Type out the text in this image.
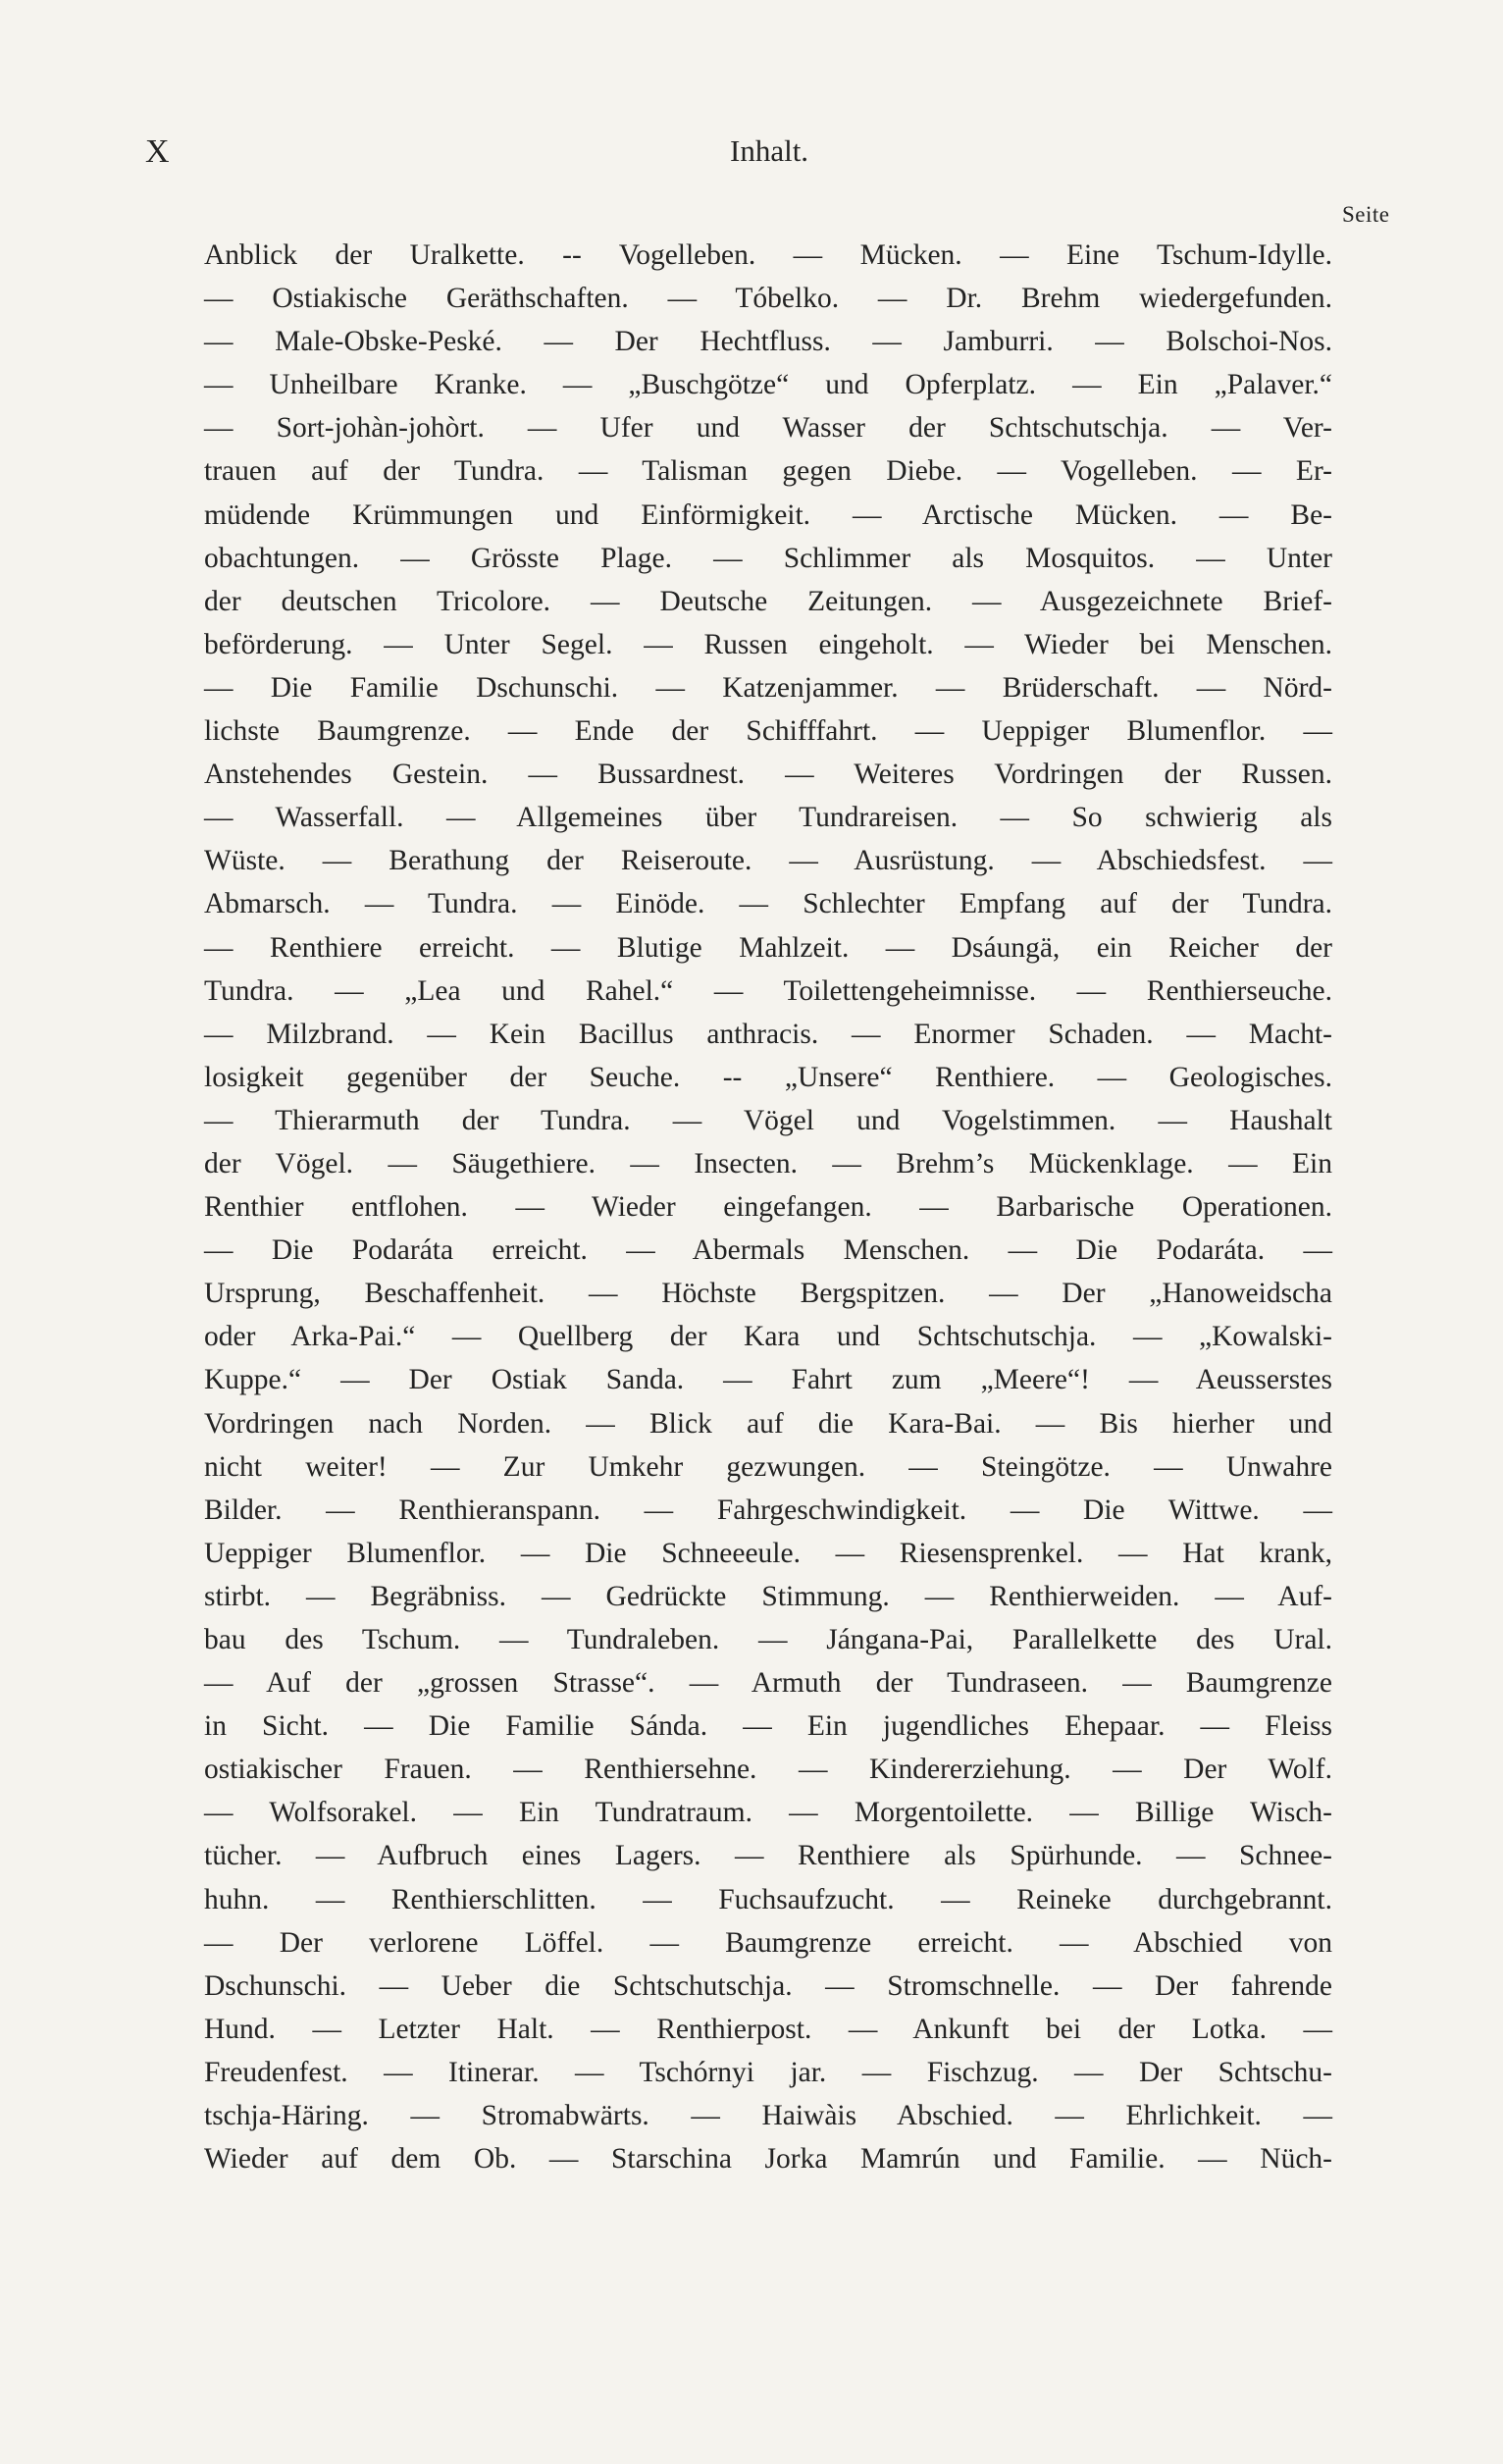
X	Inhalt.
Seite
Anblick der Uralkette. -- Vogelleben. — Mücken. — Eine Tschum-Idylle.
— Ostiakische Geräthschaften. — Tóbelko. — Dr. Brehm wiedergefunden.
— Male-Obske-Peské. — Der Hechtfluss. — Jamburri. — Bolschoi-Nos.
— Unheilbare Kranke. — „Buschgötze“ und Opferplatz. — Ein „Palaver.“
— Sort-johàn-johòrt. — Ufer und Wasser der Schtschutschja. — Ver-
trauen auf der Tundra. — Talisman gegen Diebe. — Vogelleben. — Er-
müdende Krümmungen und Einförmigkeit. — Arctische Mücken. — Be-
obachtungen. — Grösste Plage. — Schlimmer als Mosquitos. — Unter
der deutschen Tricolore. — Deutsche Zeitungen. — Ausgezeichnete Brief-
beförderung. — Unter Segel. — Russen eingeholt. — Wieder bei Menschen.
— Die Familie Dschunschi. — Katzenjammer. — Brüderschaft. — Nörd-
lichste Baumgrenze. — Ende der Schifffahrt. — Ueppiger Blumenflor. —
Anstehendes Gestein. — Bussardnest. — Weiteres Vordringen der Russen.
— Wasserfall. — Allgemeines über Tundrareisen. — So schwierig als
Wüste. — Berathung der Reiseroute. — Ausrüstung. — Abschiedsfest. —
Abmarsch. — Tundra. — Einöde. — Schlechter Empfang auf der Tundra.
— Renthiere erreicht. — Blutige Mahlzeit. — Dsáungä, ein Reicher der
Tundra. — „Lea und Rahel.“ — Toilettengeheimnisse. — Renthierseuche.
— Milzbrand. — Kein Bacillus anthracis. — Enormer Schaden. — Macht-
losigkeit gegenüber der Seuche. -- „Unsere“ Renthiere. — Geologisches.
— Thierarmuth der Tundra. — Vögel und Vogelstimmen. — Haushalt
der Vögel. — Säugethiere. — Insecten. — Brehm’s Mückenklage. — Ein
Renthier entflohen. — Wieder eingefangen. — Barbarische Operationen.
— Die Podaráta erreicht. — Abermals Menschen. — Die Podaráta. —
Ursprung, Beschaffenheit. — Höchste Bergspitzen. — Der „Hanoweidscha
oder Arka-Pai.“ — Quellberg der Kara und Schtschutschja. — „Kowalski-
Kuppe.“ — Der Ostiak Sanda. — Fahrt zum „Meere“! — Aeusserstes
Vordringen nach Norden. — Blick auf die Kara-Bai. — Bis hierher und
nicht weiter! — Zur Umkehr gezwungen. — Steingötze. — Unwahre
Bilder. — Renthieranspann. — Fahrgeschwindigkeit. — Die Wittwe. —
Ueppiger Blumenflor. — Die Schneeeule. — Riesensprenkel. — Hat krank,
stirbt. — Begräbniss. — Gedrückte Stimmung. — Renthierweiden. — Auf-
bau des Tschum. — Tundraleben. — Jángana-Pai, Parallelkette des Ural.
— Auf der „grossen Strasse“. — Armuth der Tundraseen. — Baumgrenze
in Sicht. — Die Familie Sánda. — Ein jugendliches Ehepaar. — Fleiss
ostiakischer Frauen. — Renthiersehne. — Kindererziehung. — Der Wolf.
— Wolfsorakel. — Ein Tundratraum. — Morgentoilette. — Billige Wisch-
tücher. — Aufbruch eines Lagers. — Renthiere als Spürhunde. — Schnee-
huhn. — Renthierschlitten. — Fuchsaufzucht. — Reineke durchgebrannt.
— Der verlorene Löffel. — Baumgrenze erreicht. — Abschied von
Dschunschi. — Ueber die Schtschutschja. — Stromschnelle. — Der fahrende
Hund. — Letzter Halt. — Renthierpost. — Ankunft bei der Lotka. —
Freudenfest. — Itinerar. — Tschórnyi jar. — Fischzug. — Der Schtschu-
tschja-Häring. — Stromabwärts. — Haiwàis Abschied. — Ehrlichkeit. —
Wieder auf dem Ob. — Starschina Jorka Mamrún und Familie. — Nüch-
